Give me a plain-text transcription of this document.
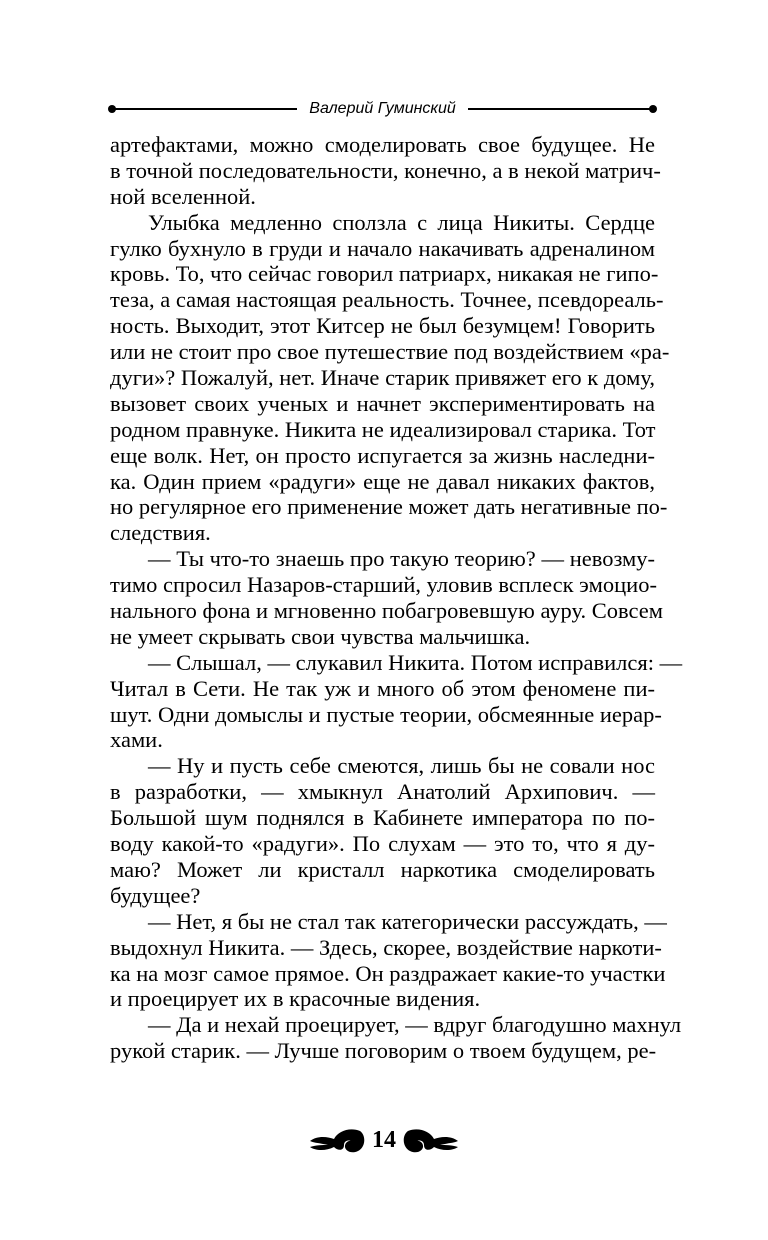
Валерий Гуминский
артефактами, можно смоделировать свое будущее. Не
в точной последовательности, конечно, а в некой матрич-
ной вселенной.
Улыбка медленно сползла с лица Никиты. Сердце
гулко бухнуло в груди и начало накачивать адреналином
кровь. То, что сейчас говорил патриарх, никакая не гипо-
теза, а самая настоящая реальность. Точнее, псевдореаль-
ность. Выходит, этот Китсер не был безумцем! Говорить
или не стоит про свое путешествие под воздействием «ра-
дуги»? Пожалуй, нет. Иначе старик привяжет его к дому,
вызовет своих ученых и начнет экспериментировать на
родном правнуке. Никита не идеализировал старика. Тот
еще волк. Нет, он просто испугается за жизнь наследни-
ка. Один прием «радуги» еще не давал никаких фактов,
но регулярное его применение может дать негативные по-
следствия.
— Ты что-то знаешь про такую теорию? — невозму-
тимо спросил Назаров-старший, уловив всплеск эмоцио-
нального фона и мгновенно побагровевшую ауру. Совсем
не умеет скрывать свои чувства мальчишка.
— Слышал, — слукавил Никита. Потом исправился: —
Читал в Сети. Не так уж и много об этом феномене пи-
шут. Одни домыслы и пустые теории, обсмеянные иерар-
хами.
— Ну и пусть себе смеются, лишь бы не совали нос
в разработки, — хмыкнул Анатолий Архипович. —
Большой шум поднялся в Кабинете императора по по-
воду какой-то «радуги». По слухам — это то, что я ду-
маю? Может ли кристалл наркотика смоделировать
будущее?
— Нет, я бы не стал так категорически рассуждать, —
выдохнул Никита. — Здесь, скорее, воздействие наркоти-
ка на мозг самое прямое. Он раздражает какие-то участки
и проецирует их в красочные видения.
— Да и нехай проецирует, — вдруг благодушно махнул
рукой старик. — Лучше поговорим о твоем будущем, ре-
14
